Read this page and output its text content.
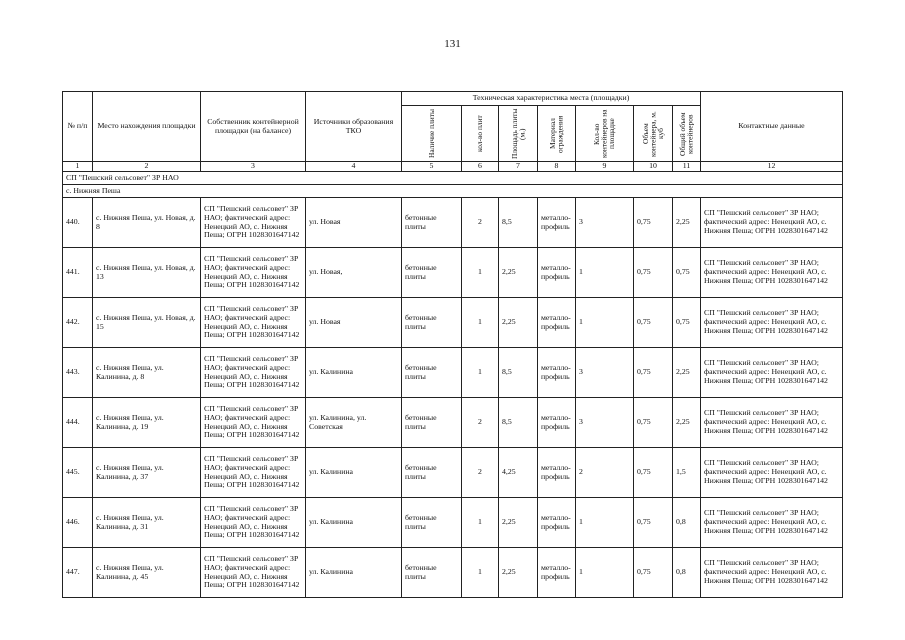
131
№ п/п	Место нахождения площадки	Собственник контейнерной площадки (на балансе)	Источники образования ТКО	Техническая характеристика места (площадки)							Контактные данные

				Наличие плиты	кол-во плит	Площадь плиты (м.)	Материал ограждения	Кол-во контейнеров на площадке	Объем контейнера, м. куб	Общий объем контейнеров	

1	2	3	4	5	6	7	8	9	10	11	12
СП "Пешский сельсовет" ЗР НАО											
с. Нижняя Пеша											
440.	с. Нижняя Пеша, ул. Новая, д. 8	СП "Пешский сельсовет" ЗР НАО; фактический адрес: Ненецкий АО, с. Нижняя Пеша; ОГРН 1028301647142	ул. Новая	бетонные плиты	2	8,5	металло-профиль	3	0,75	2,25	СП "Пешский сельсовет" ЗР НАО; фактический адрес: Ненецкий АО, с. Нижняя Пеша; ОГРН 1028301647142
441.	с. Нижняя Пеша, ул. Новая, д. 13	СП "Пешский сельсовет" ЗР НАО; фактический адрес: Ненецкий АО, с. Нижняя Пеша; ОГРН 1028301647142	ул. Новая,	бетонные плиты	1	2,25	металло-профиль	1	0,75	0,75	СП "Пешский сельсовет" ЗР НАО; фактический адрес: Ненецкий АО, с. Нижняя Пеша; ОГРН 1028301647142
442.	с. Нижняя Пеша, ул. Новая, д. 15	СП "Пешский сельсовет" ЗР НАО; фактический адрес: Ненецкий АО, с. Нижняя Пеша; ОГРН 1028301647142	ул. Новая	бетонные плиты	1	2,25	металло-профиль	1	0,75	0,75	СП "Пешский сельсовет" ЗР НАО; фактический адрес: Ненецкий АО, с. Нижняя Пеша; ОГРН 1028301647142
443.	с. Нижняя Пеша, ул. Калинина, д. 8	СП "Пешский сельсовет" ЗР НАО; фактический адрес: Ненецкий АО, с. Нижняя Пеша; ОГРН 1028301647142	ул. Калинина	бетонные плиты	1	8,5	металло-профиль	3	0,75	2,25	СП "Пешский сельсовет" ЗР НАО; фактический адрес: Ненецкий АО, с. Нижняя Пеша; ОГРН 1028301647142
444.	с. Нижняя Пеша, ул. Калинина, д. 19	СП "Пешский сельсовет" ЗР НАО; фактический адрес: Ненецкий АО, с. Нижняя Пеша; ОГРН 1028301647142	ул. Калинина, ул. Советская	бетонные плиты	2	8,5	металло-профиль	3	0,75	2,25	СП "Пешский сельсовет" ЗР НАО; фактический адрес: Ненецкий АО, с. Нижняя Пеша; ОГРН 1028301647142
445.	с. Нижняя Пеша, ул. Калинина, д. 37	СП "Пешский сельсовет" ЗР НАО; фактический адрес: Ненецкий АО, с. Нижняя Пеша; ОГРН 1028301647142	ул. Калинина	бетонные плиты	2	4,25	металло-профиль	2	0,75	1,5	СП "Пешский сельсовет" ЗР НАО; фактический адрес: Ненецкий АО, с. Нижняя Пеша; ОГРН 1028301647142
446.	с. Нижняя Пеша, ул. Калинина, д. 31	СП "Пешский сельсовет" ЗР НАО; фактический адрес: Ненецкий АО, с. Нижняя Пеша; ОГРН 1028301647142	ул. Калинина	бетонные плиты	1	2,25	металло-профиль	1	0,75	0,8	СП "Пешский сельсовет" ЗР НАО; фактический адрес: Ненецкий АО, с. Нижняя Пеша; ОГРН 1028301647142
447.	с. Нижняя Пеша, ул. Калинина, д. 45	СП "Пешский сельсовет" ЗР НАО; фактический адрес: Ненецкий АО, с. Нижняя Пеша; ОГРН 1028301647142	ул. Калинина	бетонные плиты	1	2,25	металло-профиль	1	0,75	0,8	СП "Пешский сельсовет" ЗР НАО; фактический адрес: Ненецкий АО, с. Нижняя Пеша; ОГРН 1028301647142
